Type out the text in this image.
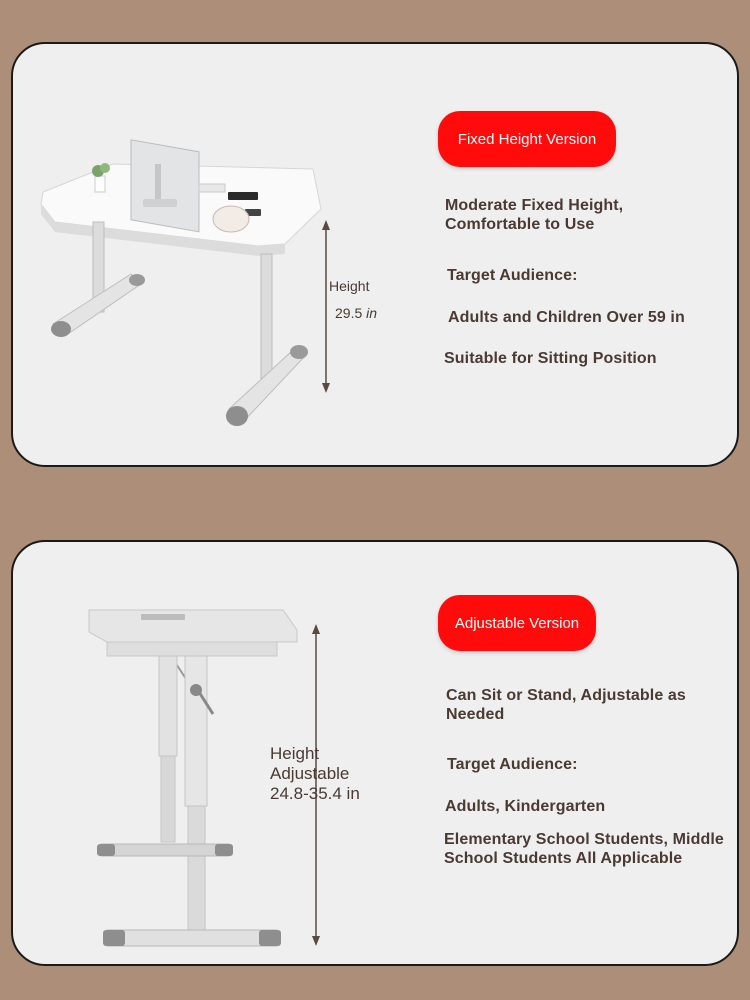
Height
29.5 in
Fixed Height Version
Moderate Fixed Height, Comfortable to Use
Target Audience:
Adults and Children Over 59 in
Suitable for Sitting Position
Height
Adjustable
24.8-35.4 in
Adjustable Version
Can Sit or Stand, Adjustable as Needed
Target Audience:
Adults, Kindergarten
Elementary School Students, Middle School Students All Applicable
